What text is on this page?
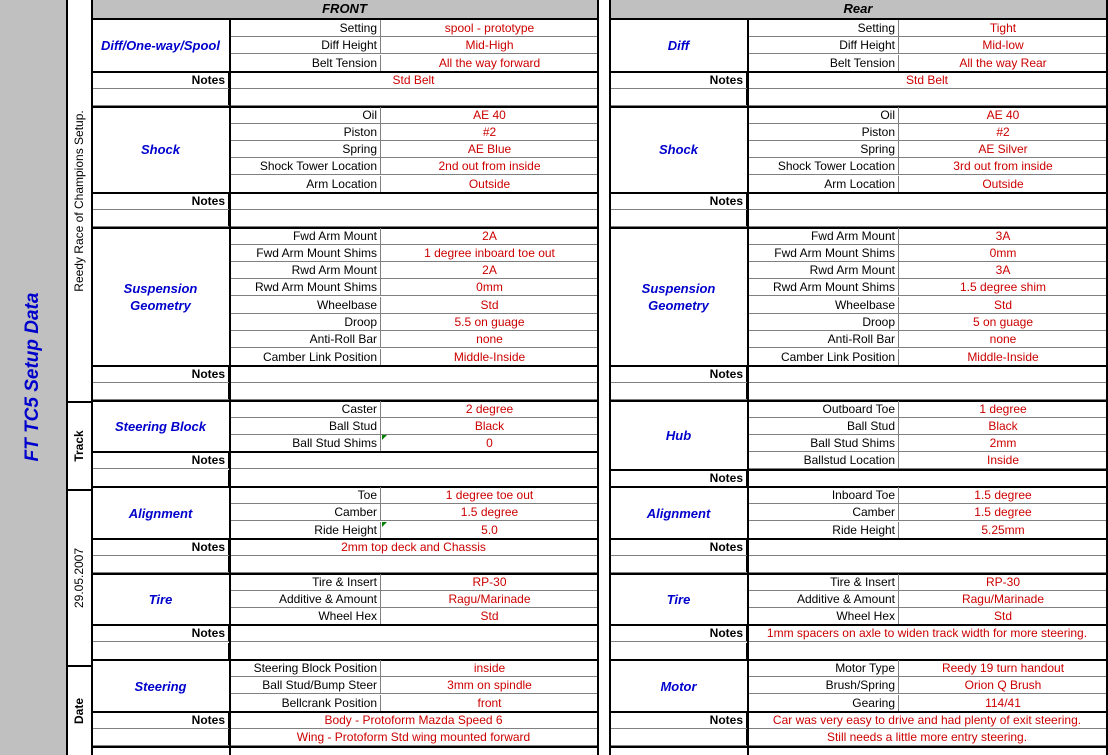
FT TC5 Setup Data
Reedy Race of Champions Setup.
Track
29.05.2007
Date
FRONT
Diff/One-way/Spool
Setting	spool - prototype
Diff Height	Mid-High
Belt Tension	All the way forward
Notes	Std Belt
Shock
Oil	AE 40
Piston	#2
Spring	AE Blue
Shock Tower Location	2nd out from inside
Arm Location	Outside
Notes
Suspension Geometry
Fwd Arm Mount	2A
Fwd Arm Mount Shims	1 degree inboard toe out
Rwd Arm Mount	2A
Rwd Arm Mount Shims	0mm
Wheelbase	Std
Droop	5.5 on guage
Anti-Roll Bar	none
Camber Link Position	Middle-Inside
Notes
Steering Block
Caster	2 degree
Ball Stud	Black
Ball Stud Shims	0
Notes
Alignment
Toe	1 degree toe out
Camber	1.5 degree
Ride Height	5.0
Notes	2mm top deck and Chassis
Tire
Tire & Insert	RP-30
Additive & Amount	Ragu/Marinade
Wheel Hex	Std
Notes
Steering
Steering Block Position	inside
Ball Stud/Bump Steer	3mm on spindle
Bellcrank Position	front
Notes	Body - Protoform Mazda Speed 6
Wing - Protoform Std wing mounted forward
Rear
Diff
Setting	Tight
Diff Height	Mid-low
Belt Tension	All the way Rear
Notes	Std Belt
Shock
Oil	AE 40
Piston	#2
Spring	AE Silver
Shock Tower Location	3rd out from inside
Arm Location	Outside
Notes
Suspension Geometry
Fwd Arm Mount	3A
Fwd Arm Mount Shims	0mm
Rwd Arm Mount	3A
Rwd Arm Mount Shims	1.5 degree shim
Wheelbase	Std
Droop	5 on guage
Anti-Roll Bar	none
Camber Link Position	Middle-Inside
Notes
Hub
Outboard Toe	1 degree
Ball Stud	Black
Ball Stud Shims	2mm
Ballstud Location	Inside
Notes
Alignment
Inboard Toe	1.5 degree
Camber	1.5 degree
Ride Height	5.25mm
Notes
Tire
Tire & Insert	RP-30
Additive & Amount	Ragu/Marinade
Wheel Hex	Std
Notes	1mm spacers on axle to widen track width for more steering.
Motor
Motor Type	Reedy 19 turn handout
Brush/Spring	Orion Q Brush
Gearing	114/41
Notes	Car was very easy to drive and had plenty of exit steering.
Still needs a little more entry steering.
